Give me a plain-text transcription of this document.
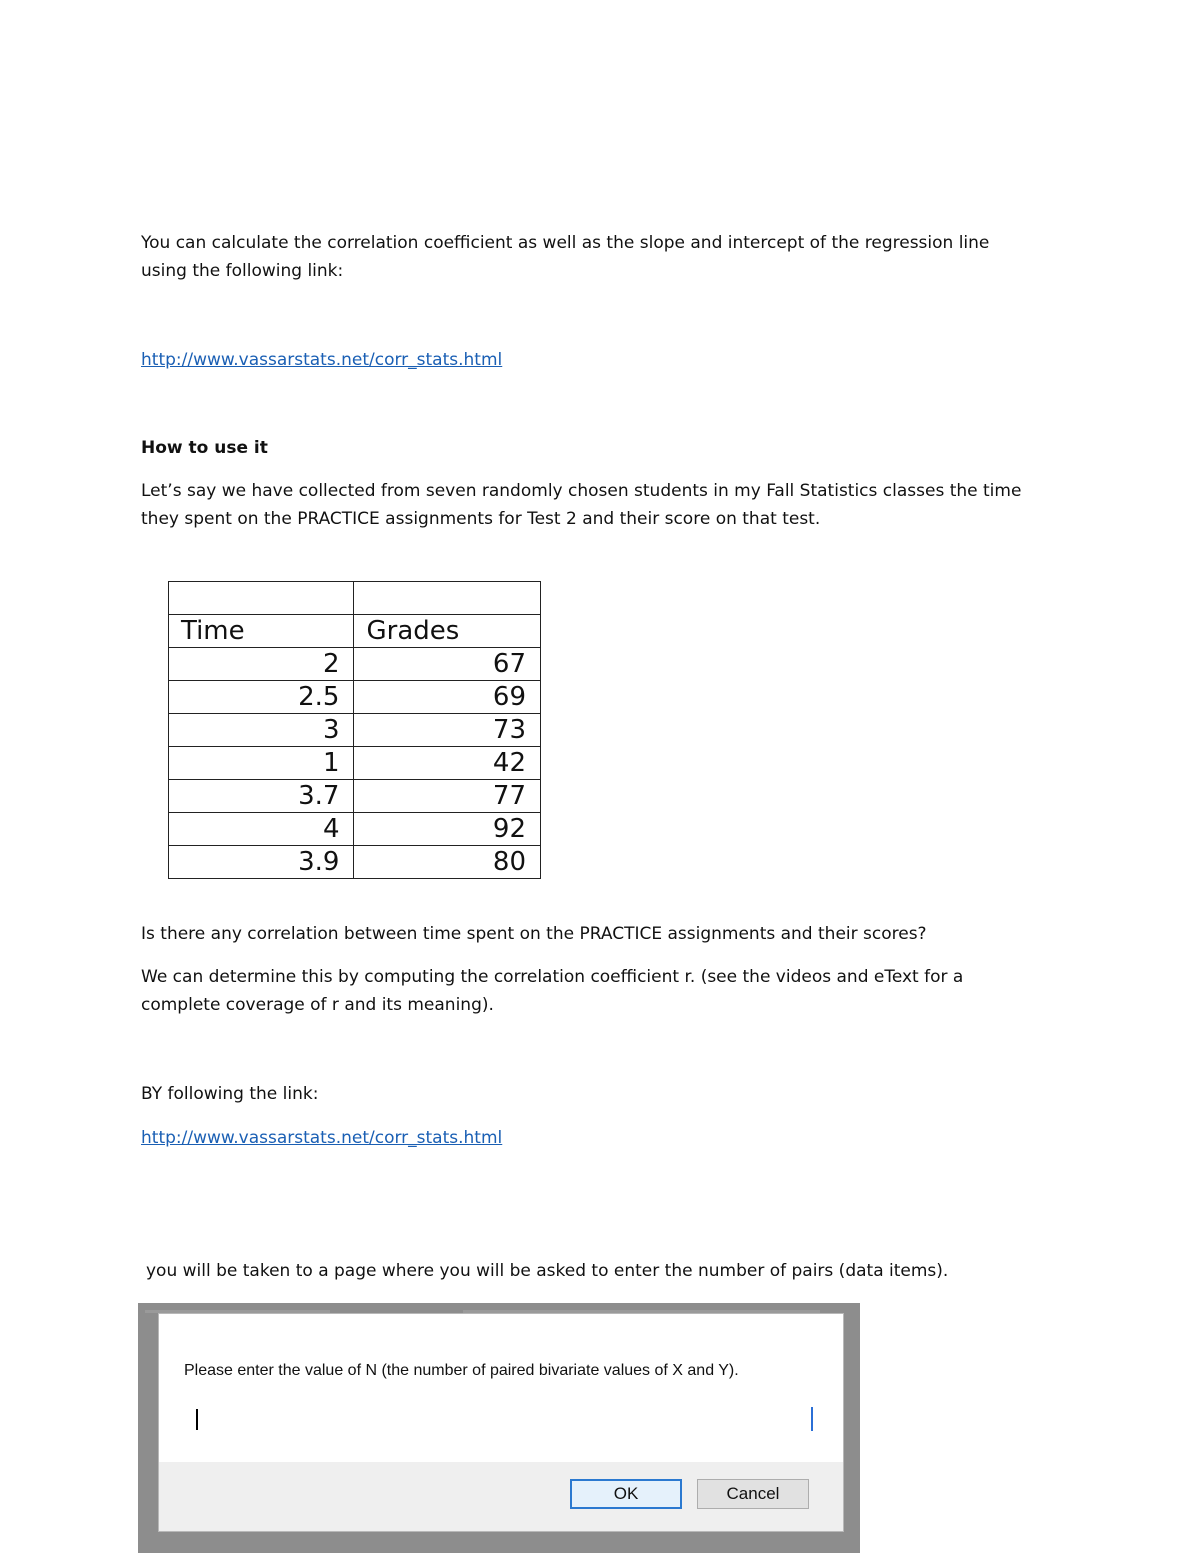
You can calculate the correlation coefficient as well as the slope and intercept of the regression line

using the following link:

http://www.vassarstats.net/corr_stats.html

How to use it

Let’s say we have collected from seven randomly chosen students in my Fall Statistics classes the time

they spent on the PRACTICE assignments for Test 2 and their score on that test.

Time	Grades
2	67
2.5	69
3	73
1	42
3.7	77
4	92
3.9	80

Is there any correlation between time spent on the PRACTICE assignments and their scores?

We can determine this by computing the correlation coefficient r. (see the videos and eText for a

complete coverage of r and its meaning).

BY following the link:

http://www.vassarstats.net/corr_stats.html

you will be taken to a page where you will be asked to enter the number of pairs (data items).

Please enter the value of N (the number of paired bivariate values of X and Y).
OK	Cancel
